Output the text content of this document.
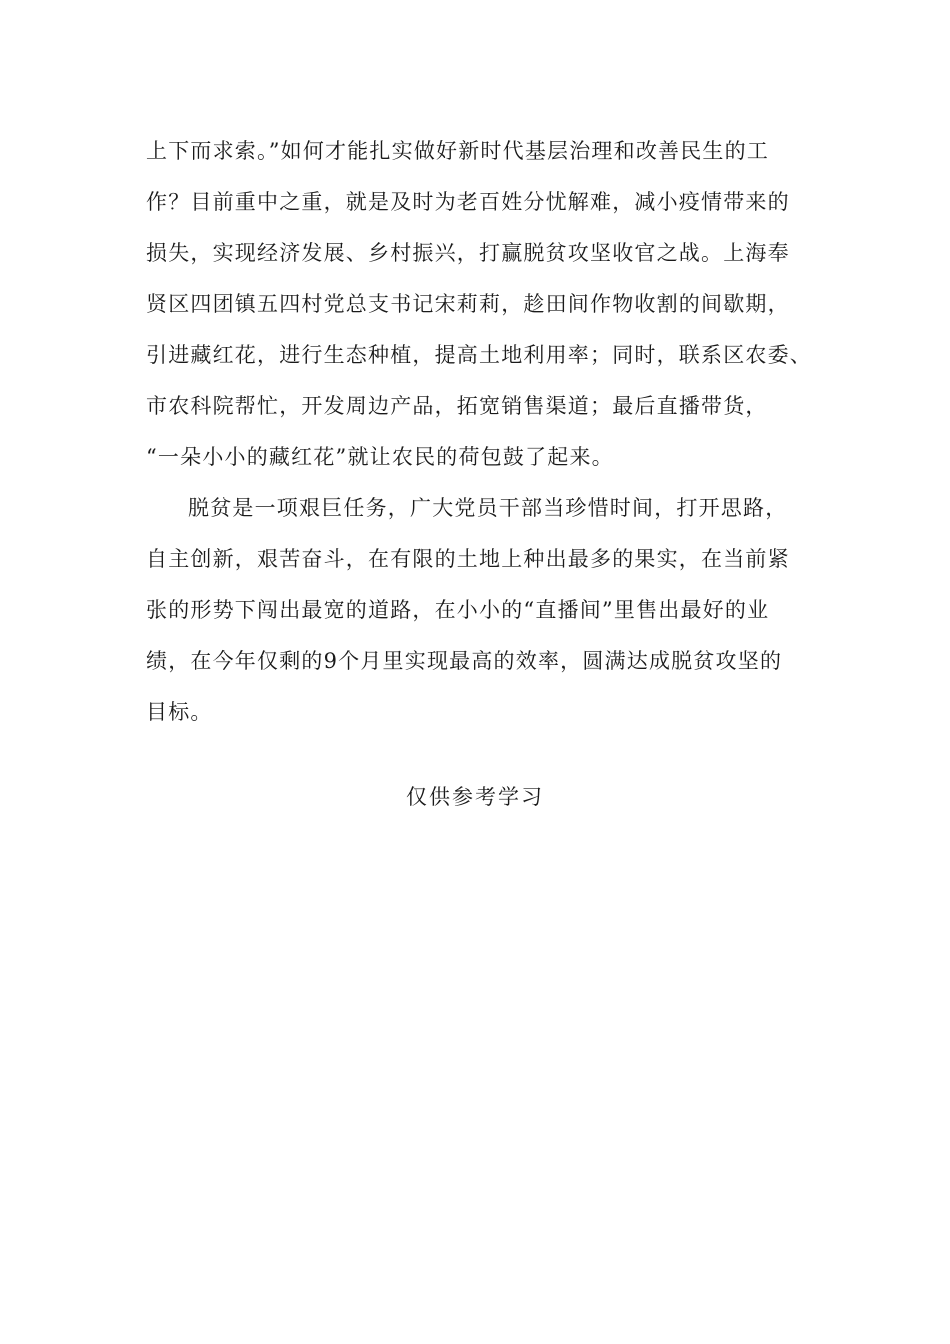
上下而求索。”如何才能扎实做好新时代基层治理和改善民生的工
作？目前重中之重，就是及时为老百姓分忧解难，减小疫情带来的
损失，实现经济发展、乡村振兴，打赢脱贫攻坚收官之战。上海奉
贤区四团镇五四村党总支书记宋莉莉，趁田间作物收割的间歇期，
引进藏红花，进行生态种植，提高土地利用率；同时，联系区农委、
市农科院帮忙，开发周边产品，拓宽销售渠道；最后直播带货，
“一朵小小的藏红花”就让农民的荷包鼓了起来。
脱贫是一项艰巨任务，广大党员干部当珍惜时间，打开思路，
自主创新，艰苦奋斗，在有限的土地上种出最多的果实，在当前紧
张的形势下闯出最宽的道路，在小小的“直播间”里售出最好的业
绩，在今年仅剩的9个月里实现最高的效率，圆满达成脱贫攻坚的
目标。
仅供参考学习
